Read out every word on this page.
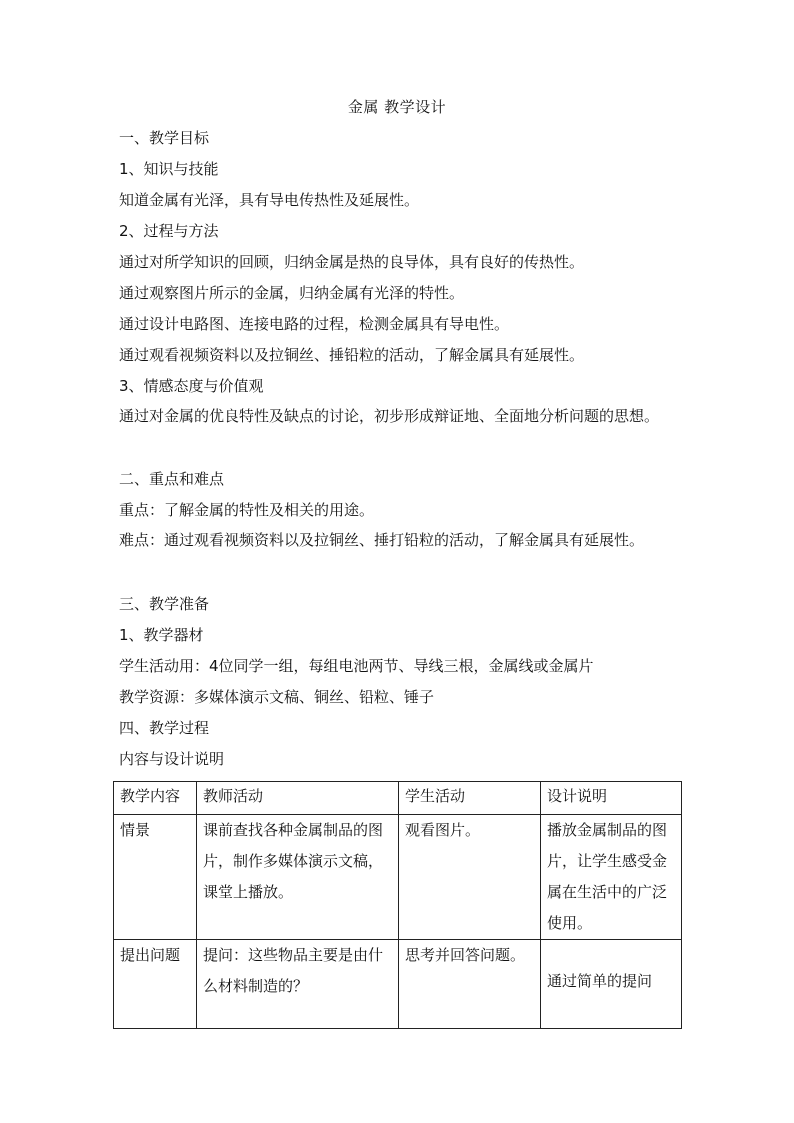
金属 教学设计
一、教学目标
1、知识与技能
知道金属有光泽，具有导电传热性及延展性。
2、过程与方法
通过对所学知识的回顾，归纳金属是热的良导体，具有良好的传热性。
通过观察图片所示的金属，归纳金属有光泽的特性。
通过设计电路图、连接电路的过程，检测金属具有导电性。
通过观看视频资料以及拉铜丝、捶铅粒的活动，了解金属具有延展性。
3、情感态度与价值观
通过对金属的优良特性及缺点的讨论，初步形成辩证地、全面地分析问题的思想。
二、重点和难点
重点：了解金属的特性及相关的用途。
难点：通过观看视频资料以及拉铜丝、捶打铅粒的活动，了解金属具有延展性。
三、教学准备
1、教学器材
学生活动用：4位同学一组，每组电池两节、导线三根，金属线或金属片
教学资源：多媒体演示文稿、铜丝、铅粒、锤子
四、教学过程
内容与设计说明
教学内容	教师活动	学生活动	设计说明
情景	课前查找各种金属制品的图片，制作多媒体演示文稿，课堂上播放。	观看图片。	播放金属制品的图片，让学生感受金属在生活中的广泛使用。
提出问题	提问：这些物品主要是由什么材料制造的？	思考并回答问题。	通过简单的提问
